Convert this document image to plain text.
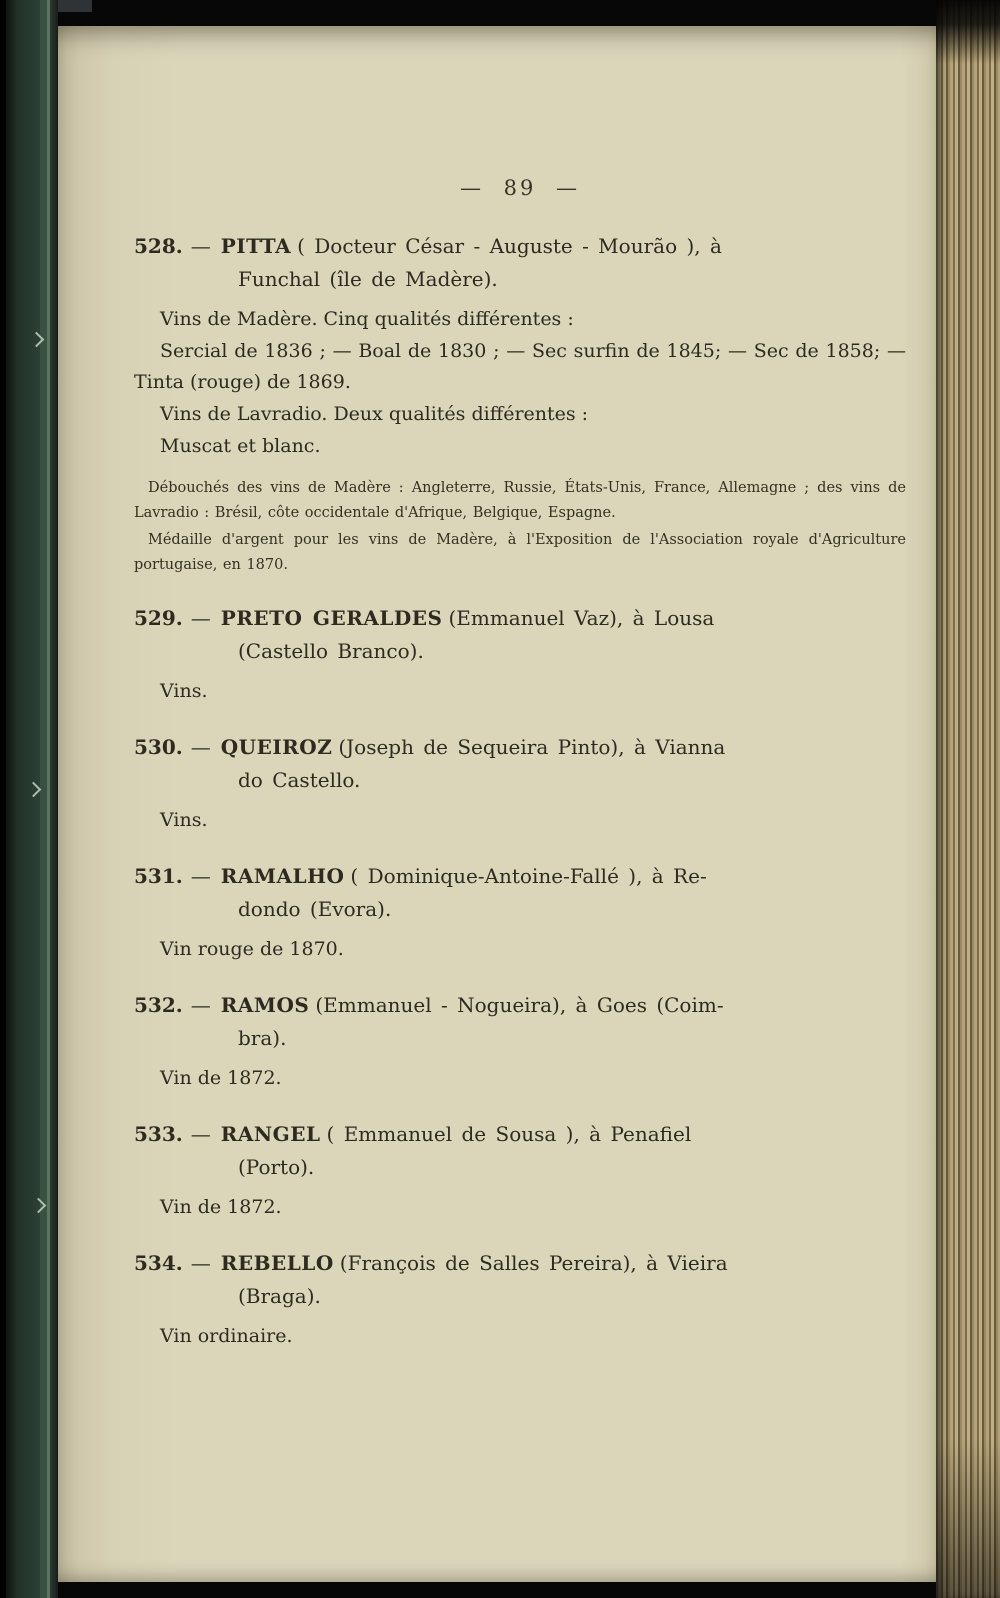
— 89 —

528. — PITTA ( Docteur César - Auguste - Mourão ), à
Funchal (île de Madère).

Vins de Madère. Cinq qualités différentes :

Sercial de 1836 ; — Boal de 1830 ; — Sec surfin de 1845; — Sec de 1858; — Tinta (rouge) de 1869.

Vins de Lavradio. Deux qualités différentes :

Muscat et blanc.

Débouchés des vins de Madère : Angleterre, Russie, États-Unis, France, Allemagne ; des vins de Lavradio : Brésil, côte occidentale d'Afrique, Belgique, Espagne.

Médaille d'argent pour les vins de Madère, à l'Exposition de l'Association royale d'Agriculture portugaise, en 1870.

529. — PRETO GERALDES (Emmanuel Vaz), à Lousa
(Castello Branco).

Vins.

530. — QUEIROZ (Joseph de Sequeira Pinto), à Vianna
do Castello.

Vins.

531. — RAMALHO ( Dominique-Antoine-Fallé ), à Re-
dondo (Evora).

Vin rouge de 1870.

532. — RAMOS (Emmanuel - Nogueira), à Goes (Coim-
bra).

Vin de 1872.

533. — RANGEL ( Emmanuel de Sousa ), à Penafiel
(Porto).

Vin de 1872.

534. — REBELLO (François de Salles Pereira), à Vieira
(Braga).

Vin ordinaire.
